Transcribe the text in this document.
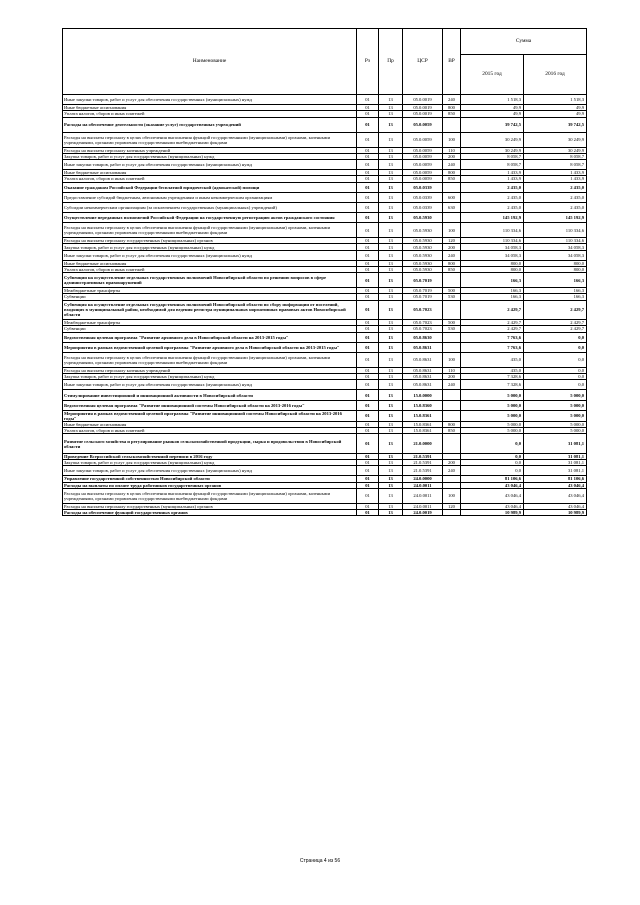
Наименование	Рз	Пр	ЦСР	ВР	Сумма	
					2015 год	2016 год
Иные закупки товаров, работ и услуг для обеспечения государственных (муниципальных) нужд	01	13	05.0.0019	240	1 518,3	1 518,3
Иные бюджетные ассигнования	01	13	05.0.0019	800	49,9	49,9
Уплата налогов, сборов и иных платежей	01	13	05.0.0019	850	49,9	49,9
Расходы на обеспечение деятельности (оказание услуг) государственных учреждений	01	13	05.0.0059		39 742,5	39 742,5
Расходы на выплаты персоналу в целях обеспечения выполнения функций государственными (муниципальными) органами, казенными учреждениями, органами управления государственными внебюджетными фондами	01	13	05.0.0059	100	30 249,9	30 249,9
Расходы на выплаты персоналу казенных учреждений	01	13	05.0.0059	110	30 249,9	30 249,9
Закупка товаров, работ и услуг для государственных (муниципальных) нужд	01	13	05.0.0059	200	8 058,7	8 058,7
Иные закупки товаров, работ и услуг для обеспечения государственных (муниципальных) нужд	01	13	05.0.0059	240	8 058,7	8 058,7
Иные бюджетные ассигнования	01	13	05.0.0059	800	1 433,9	1 433,9
Уплата налогов, сборов и иных платежей	01	13	05.0.0059	850	1 433,9	1 433,9
Оказание гражданам Российской Федерации бесплатной юридической (адвокатской) помощи	01	13	05.0.0339		2 435,0	2 435,0
Предоставление субсидий бюджетным, автономным учреждениям и иным некоммерческим организациям	01	13	05.0.0339	600	2 435,0	2 435,0
Субсидии некоммерческим организациям (за исключением государственных (муниципальных) учреждений)	01	13	05.0.0339	630	2 435,0	2 435,0
Осуществление переданных полномочий Российской Федерации на государственную регистрацию актов гражданского состояния	01	13	05.0.5930		145 192,9	145 192,9
Расходы на выплаты персоналу в целях обеспечения выполнения функций государственными (муниципальными) органами, казенными учреждениями, органами управления государственными внебюджетными фондами	01	13	05.0.5930	100	110 334,6	110 334,6
Расходы на выплаты персоналу государственных (муниципальных) органов	01	13	05.0.5930	120	110 334,6	110 334,6
Закупка товаров, работ и услуг для государственных (муниципальных) нужд	01	13	05.0.5930	200	34 058,3	34 058,3
Иные закупки товаров, работ и услуг для обеспечения государственных (муниципальных) нужд	01	13	05.0.5930	240	34 058,3	34 058,3
Иные бюджетные ассигнования	01	13	05.0.5930	800	800,0	800,0
Уплата налогов, сборов и иных платежей	01	13	05.0.5930	850	800,0	800,0
Субвенции на осуществление отдельных государственных полномочий Новосибирской области по решению вопросов в сфере административных правонарушений	01	13	05.0.7019		166,3	166,3
Межбюджетные трансферты	01	13	05.0.7019	500	166,3	166,3
Субвенции	01	13	05.0.7019	530	166,3	166,3
Субвенция на осуществление отдельных государственных полномочий Новосибирской области по сбору информации от поселений, входящих в муниципальный район, необходимой для ведения регистра муниципальных нормативных правовых актов Новосибирской области	01	13	05.0.7023		2 429,7	2 429,7
Межбюджетные трансферты	01	13	05.0.7023	500	2 429,7	2 429,7
Субвенции	01	13	05.0.7023	530	2 429,7	2 429,7
Ведомственная целевая программа "Развитие архивного дела в Новосибирской области на 2013-2015 годы"	01	13	05.0.8630		7 763,6	0,0
Мероприятия в рамках ведомственной целевой программы "Развитие архивного дела в Новосибирской области на 2013-2015 годы"	01	13	05.0.8631		7 763,6	0,0
Расходы на выплаты персоналу в целях обеспечения выполнения функций государственными (муниципальными) органами, казенными учреждениями, органами управления государственными внебюджетными фондами	01	13	05.0.8631	100	435,0	0,0
Расходы на выплаты персоналу казенных учреждений	01	13	05.0.8631	110	435,0	0,0
Закупка товаров, работ и услуг для государственных (муниципальных) нужд	01	13	05.0.8631	200	7 328,6	0,0
Иные закупки товаров, работ и услуг для обеспечения государственных (муниципальных) нужд	01	13	05.0.8631	240	7 328,6	0,0
Стимулирование инвестиционной и инновационной активности в Новосибирской области	01	13	15.0.0000		5 000,0	5 000,0
Ведомственная целевая программа "Развитие инновационной системы Новосибирской области на 2013-2016 годы"	01	13	15.0.8360		5 000,0	5 000,0
Мероприятия в рамках ведомственной целевой программы "Развитие инновационной системы Новосибирской области на 2013-2016 годы"	01	13	15.0.8361		5 000,0	5 000,0
Иные бюджетные ассигнования	01	13	15.0.8361	800	5 000,0	5 000,0
Уплата налогов, сборов и иных платежей	01	13	15.0.8361	850	5 000,0	5 000,0
Развитие сельского хозяйства и регулирование рынков сельскохозяйственной продукции, сырья и продовольствия в Новосибирской области	01	13	21.0.0000		0,0	31 081,1
Проведение Всероссийской сельскохозяйственной переписи в 2016 году	01	13	21.0.5391		0,0	31 081,1
Закупка товаров, работ и услуг для государственных (муниципальных) нужд	01	13	21.0.5391	200	0,0	31 081,1
Иные закупки товаров, работ и услуг для обеспечения государственных (муниципальных) нужд	01	13	21.0.5391	240	0,0	31 081,1
Управление государственной собственностью Новосибирской области	01	13	24.0.0000		81 106,6	81 106,6
Расходы на выплаты по оплате труда работников государственных органов	01	13	24.0.0011		43 046,4	43 046,4
Расходы на выплаты персоналу в целях обеспечения выполнения функций государственными (муниципальными) органами, казенными учреждениями, органами управления государственными внебюджетными фондами	01	13	24.0.0011	100	43 046,4	43 046,4
Расходы на выплаты персоналу государственных (муниципальных) органов	01	13	24.0.0011	120	43 046,4	43 046,4
Расходы на обеспечение функций государственных органов	01	13	24.0.0019		10 989,9	10 989,9
Страница 4 из 56
